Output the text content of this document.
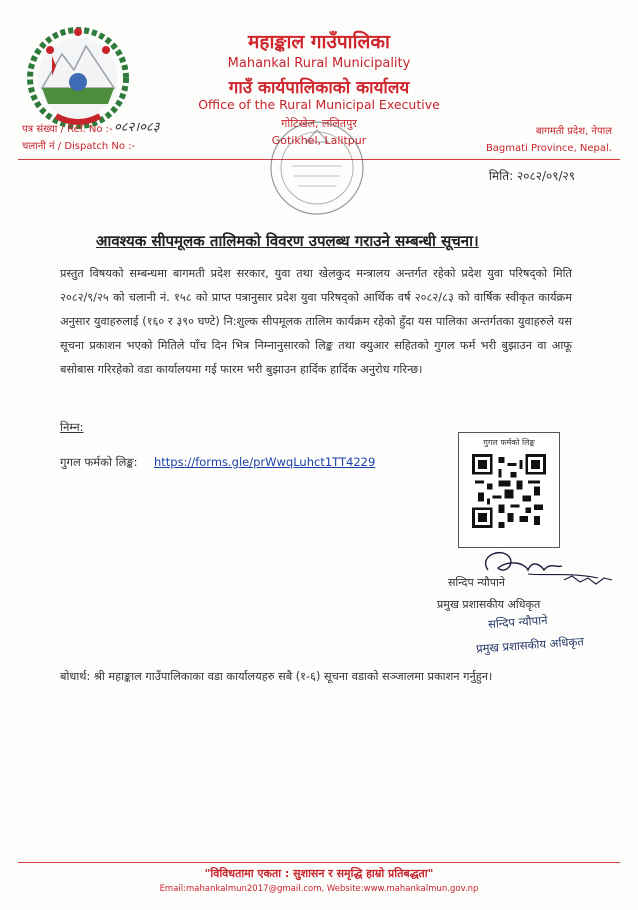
महाङ्काल गाउँपालिका
Mahankal Rural Municipality
गाउँ कार्यपालिकाको कार्यालय
Office of the Rural Municipal Executive
गोटिखेल, ललितपुर
Gotikhel, Lalitpur
पत्र संख्या / Ref. No :- ०८२।०८३
चलानी नं / Dispatch No :-
बागमती प्रदेश, नेपाल
Bagmati Province, Nepal.
मिति: २०८२/०९/२९
आवश्यक सीपमूलक तालिमको विवरण उपलब्ध गराउने सम्बन्धी सूचना।
प्रस्तुत विषयको सम्बन्धमा बागमती प्रदेश सरकार, युवा तथा खेलकुद मन्त्रालय अन्तर्गत रहेको प्रदेश युवा परिषद्को मिति २०८२/९/२५ को चलानी नं. १५८ को प्राप्त पत्रानुसार प्रदेश युवा परिषद्को आर्थिक वर्ष २०८२/८३ को वार्षिक स्वीकृत कार्यक्रम अनुसार युवाहरुलाई (१६० र ३९० घण्टे) नि:शुल्क सीपमूलक तालिम कार्यक्रम रहेको हुँदा यस पालिका अन्तर्गतका युवाहरुले यस सूचना प्रकाशन भएको मितिले पाँच दिन भित्र निम्नानुसारको लिङ्क तथा क्युआर सहितको गुगल फर्म भरी बुझाउन वा आफू बसोबास गरिरहेको वडा कार्यालयमा गई फारम भरी बुझाउन हार्दिक हार्दिक अनुरोध गरिन्छ।
निम्न:
गुगल फर्मको लिङ्क: https://forms.gle/prWwqLuhct1TT4229
गुगल फर्मको लिङ्क
सन्दिप न्यौपाने
प्रमुख प्रशासकीय अधिकृत
सन्दिप न्यौपाने
प्रमुख प्रशासकीय अधिकृत
बोधार्थ: श्री महाङ्काल गाउँपालिकाका वडा कार्यालयहरु सबै (१-६) सूचना वडाको सञ्जालमा प्रकाशन गर्नुहुन।
"विविधतामा एकता : सुशासन र समृद्धि हाम्रो प्रतिबद्धता"
Email:mahankalmun2017@gmail.com, Website:www.mahankalmun.gov.np
